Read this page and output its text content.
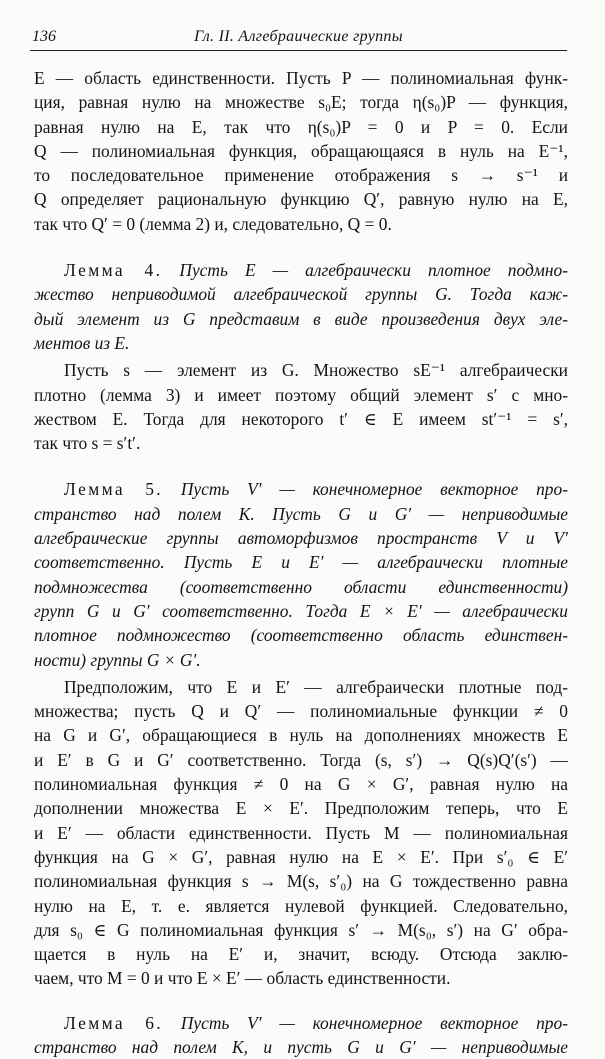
136	Гл. II. Алгебраические группы
E — область единственности. Пусть P — полиномиальная функ-
ция, равная нулю на множестве s₀E; тогда η(s₀)P — функция,
равная нулю на E, так что η(s₀)P = 0 и P = 0. Если
Q — полиномиальная функция, обращающаяся в нуль на E⁻¹,
то последовательное применение отображения s → s⁻¹ и
Q определяет рациональную функцию Q′, равную нулю на E,
так что Q′ = 0 (лемма 2) и, следовательно, Q = 0.
Лемма 4. Пусть E — алгебраически плотное подмно-
жество неприводимой алгебраической группы G. Тогда каж-
дый элемент из G представим в виде произведения двух эле-
ментов из E.
Пусть s — элемент из G. Множество sE⁻¹ алгебраически
плотно (лемма 3) и имеет поэтому общий элемент s′ с мно-
жеством E. Тогда для некоторого t′ ∈ E имеем st′⁻¹ = s′,
так что s = s′t′.
Лемма 5. Пусть V′ — конечномерное векторное про-
странство над полем K. Пусть G и G′ — неприводимые
алгебраические группы автоморфизмов пространств V и V′
соответственно. Пусть E и E′ — алгебраически плотные
подмножества (соответственно области единственности)
групп G и G′ соответственно. Тогда E × E′ — алгебраически
плотное подмножество (соответственно область единствен-
ности) группы G × G′.
Предположим, что E и E′ — алгебраически плотные под-
множества; пусть Q и Q′ — полиномиальные функции ≠ 0
на G и G′, обращающиеся в нуль на дополнениях множеств E
и E′ в G и G′ соответственно. Тогда (s, s′) → Q(s)Q′(s′) —
полиномиальная функция ≠ 0 на G × G′, равная нулю на
дополнении множества E × E′. Предположим теперь, что E
и E′ — области единственности. Пусть M — полиномиальная
функция на G × G′, равная нулю на E × E′. При s′₀ ∈ E′
полиномиальная функция s → M(s, s′₀) на G тождественно равна
нулю на E, т. е. является нулевой функцией. Следовательно,
для s₀ ∈ G полиномиальная функция s′ → M(s₀, s′) на G′ обра-
щается в нуль на E′ и, значит, всюду. Отсюда заклю-
чаем, что M = 0 и что E × E′ — область единственности.
Лемма 6. Пусть V′ — конечномерное векторное про-
странство над полем K, и пусть G и G′ — неприводимые
